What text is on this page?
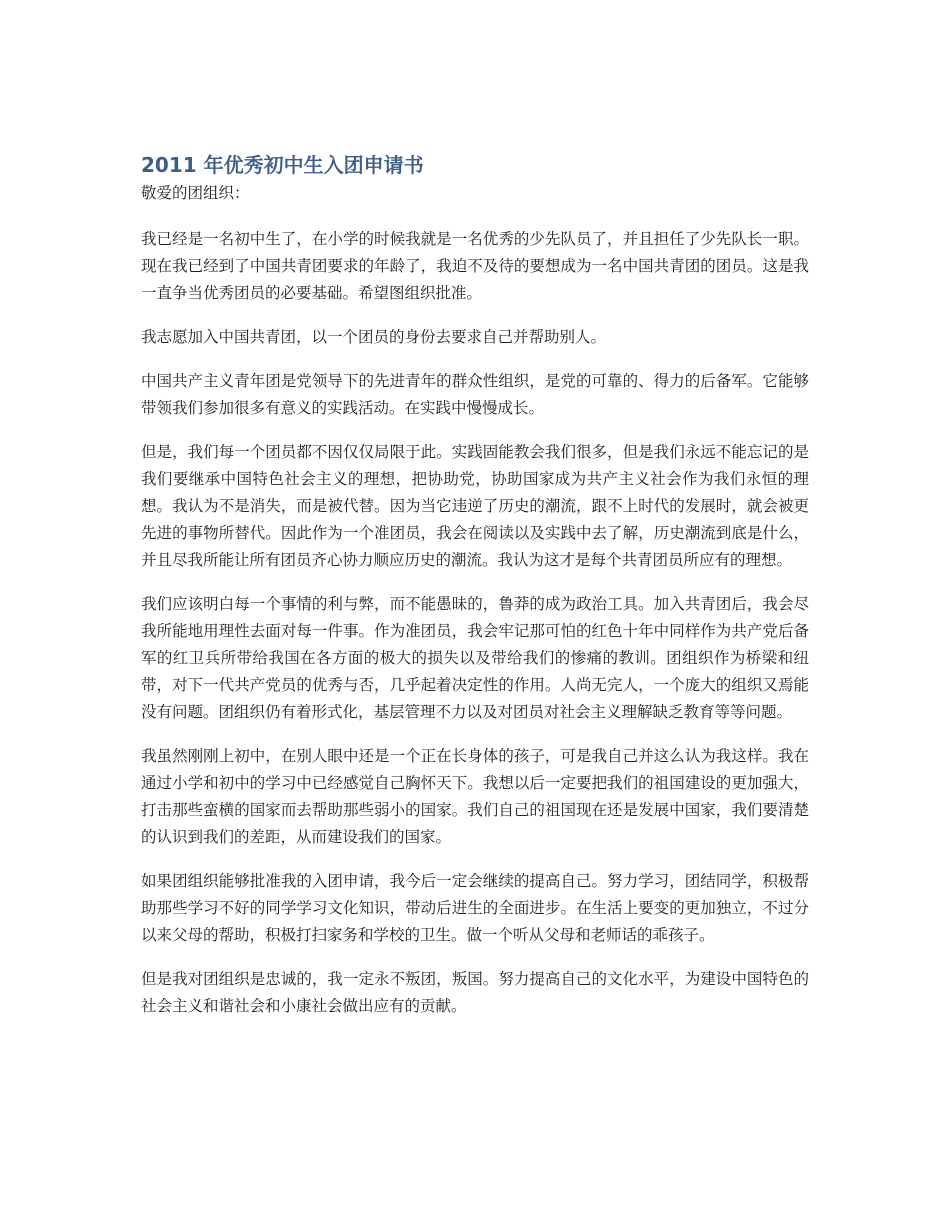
2011 年优秀初中生入团申请书

敬爱的团组织：

我已经是一名初中生了，在小学的时候我就是一名优秀的少先队员了，并且担任了少先队长一职。现在我已经到了中国共青团要求的年龄了，我迫不及待的要想成为一名中国共青团的团员。这是我一直争当优秀团员的必要基础。希望图组织批准。

我志愿加入中国共青团，以一个团员的身份去要求自己并帮助别人。

中国共产主义青年团是党领导下的先进青年的群众性组织，是党的可靠的、得力的后备军。它能够带领我们参加很多有意义的实践活动。在实践中慢慢成长。

但是，我们每一个团员都不因仅仅局限于此。实践固能教会我们很多，但是我们永远不能忘记的是我们要继承中国特色社会主义的理想，把协助党，协助国家成为共产主义社会作为我们永恒的理想。我认为不是消失，而是被代替。因为当它违逆了历史的潮流，跟不上时代的发展时，就会被更先进的事物所替代。因此作为一个准团员，我会在阅读以及实践中去了解，历史潮流到底是什么，并且尽我所能让所有团员齐心协力顺应历史的潮流。我认为这才是每个共青团员所应有的理想。

我们应该明白每一个事情的利与弊，而不能愚昧的，鲁莽的成为政治工具。加入共青团后，我会尽我所能地用理性去面对每一件事。作为准团员，我会牢记那可怕的红色十年中同样作为共产党后备军的红卫兵所带给我国在各方面的极大的损失以及带给我们的惨痛的教训。团组织作为桥梁和纽带，对下一代共产党员的优秀与否，几乎起着决定性的作用。人尚无完人，一个庞大的组织又焉能没有问题。团组织仍有着形式化，基层管理不力以及对团员对社会主义理解缺乏教育等等问题。

我虽然刚刚上初中，在别人眼中还是一个正在长身体的孩子，可是我自己并这么认为我这样。我在通过小学和初中的学习中已经感觉自己胸怀天下。我想以后一定要把我们的祖国建设的更加强大，打击那些蛮横的国家而去帮助那些弱小的国家。我们自己的祖国现在还是发展中国家，我们要清楚的认识到我们的差距，从而建设我们的国家。

如果团组织能够批准我的入团申请，我今后一定会继续的提高自己。努力学习，团结同学，积极帮助那些学习不好的同学学习文化知识，带动后进生的全面进步。在生活上要变的更加独立，不过分以来父母的帮助，积极打扫家务和学校的卫生。做一个听从父母和老师话的乖孩子。

但是我对团组织是忠诚的，我一定永不叛团，叛国。努力提高自己的文化水平，为建设中国特色的社会主义和谐社会和小康社会做出应有的贡献。
